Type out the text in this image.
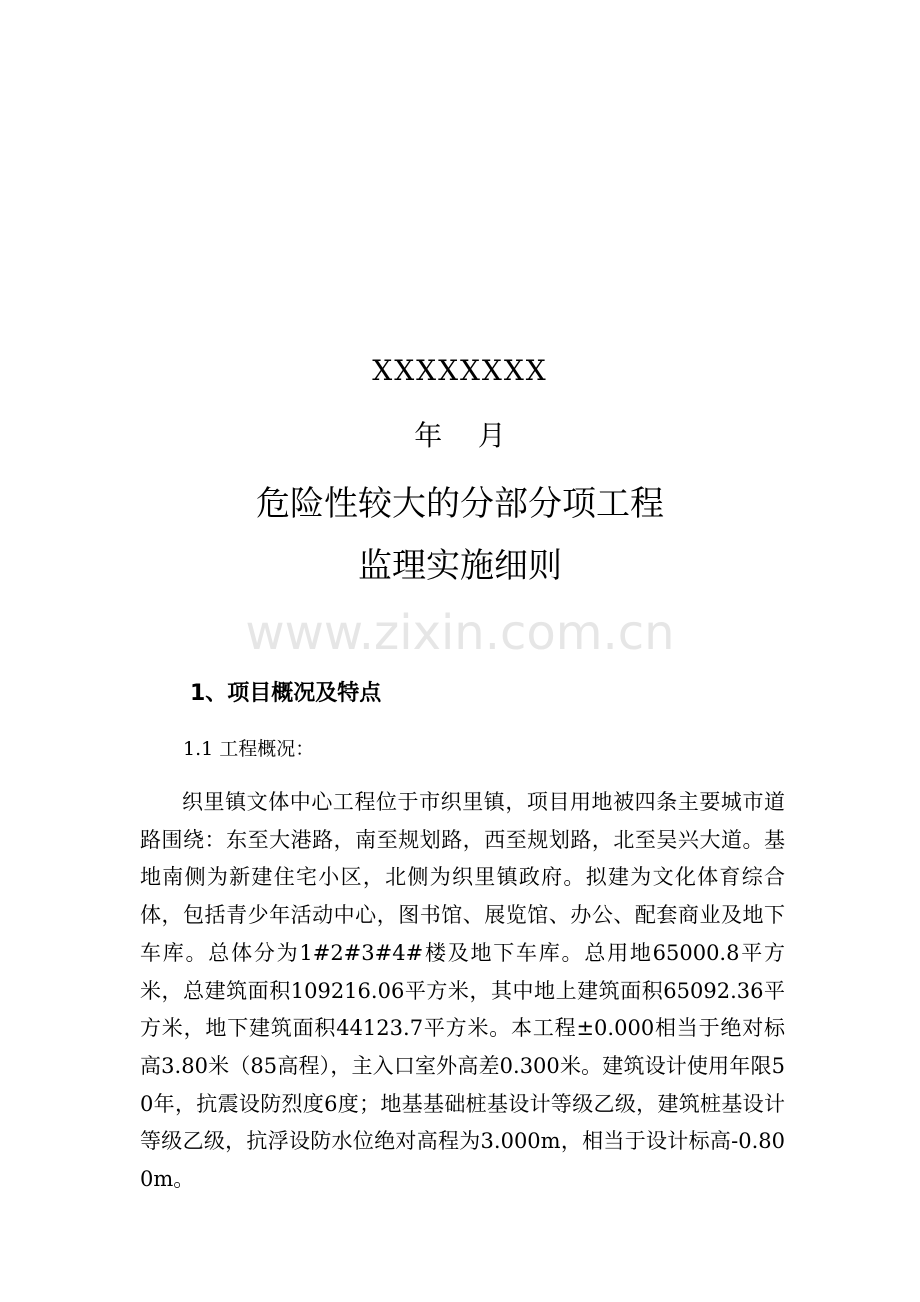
XXXXXXXX
年    月
危险性较大的分部分项工程
监理实施细则
www.zixin.com.cn
1、项目概况及特点
1.1 工程概况：
织里镇文体中心工程位于市织里镇，项目用地被四条主要城市道路围绕：东至大港路，南至规划路，西至规划路，北至吴兴大道。基地南侧为新建住宅小区，北侧为织里镇政府。拟建为文化体育综合体，包括青少年活动中心，图书馆、展览馆、办公、配套商业及地下车库。总体分为1#2#3#4#楼及地下车库。总用地65000.8平方米，总建筑面积109216.06平方米，其中地上建筑面积65092.36平方米，地下建筑面积44123.7平方米。本工程±0.000相当于绝对标高3.80米（85高程），主入口室外高差0.300米。建筑设计使用年限50年，抗震设防烈度6度；地基基础桩基设计等级乙级，建筑桩基设计等级乙级，抗浮设防水位绝对高程为3.000m，相当于设计标高-0.800m。
